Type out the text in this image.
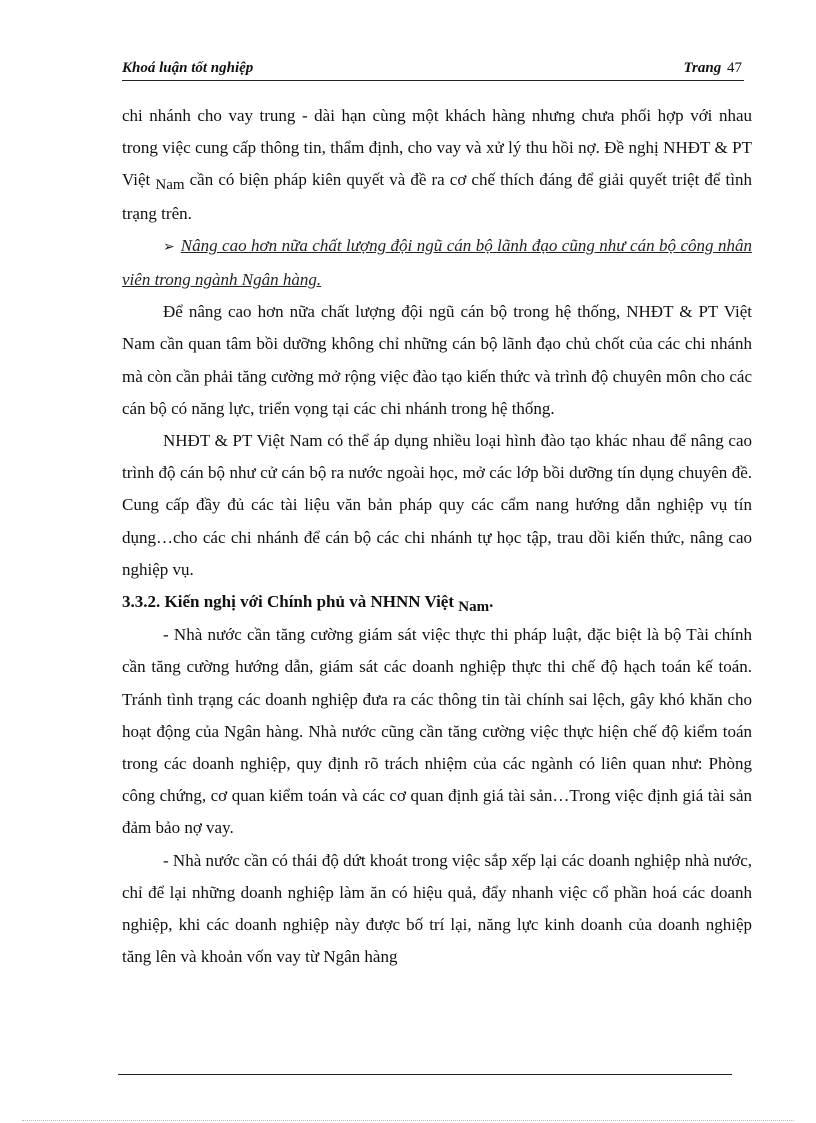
Khoá luận tốt nghiệp	Trang 47

chi nhánh cho vay trung - dài hạn cùng một khách hàng nhưng chưa phối hợp với nhau trong việc cung cấp thông tin, thẩm định, cho vay và xử lý thu hồi nợ. Đề nghị NHĐT & PT Việt Nam cần có biện pháp kiên quyết và đề ra cơ chế thích đáng để giải quyết triệt để tình trạng trên.

➢ Nâng cao hơn nữa chất lượng đội ngũ cán bộ lãnh đạo cũng như cán bộ công nhân viên trong ngành Ngân hàng.

Để nâng cao hơn nữa chất lượng đội ngũ cán bộ trong hệ thống, NHĐT & PT Việt Nam cần quan tâm bồi dưỡng không chỉ những cán bộ lãnh đạo chủ chốt của các chi nhánh mà còn cần phải tăng cường mở rộng việc đào tạo kiến thức và trình độ chuyên môn cho các cán bộ có năng lực, triển vọng tại các chi nhánh trong hệ thống.

NHĐT & PT Việt Nam có thể áp dụng nhiều loại hình đào tạo khác nhau để nâng cao trình độ cán bộ như cử cán bộ ra nước ngoài học, mở các lớp bồi dưỡng tín dụng chuyên đề. Cung cấp đầy đủ các tài liệu văn bản pháp quy các cẩm nang hướng dẫn nghiệp vụ tín dụng…cho các chi nhánh để cán bộ các chi nhánh tự học tập, trau dồi kiến thức, nâng cao nghiệp vụ.

3.3.2. Kiến nghị với Chính phủ và NHNN Việt Nam.

- Nhà nước cần tăng cường giám sát việc thực thi pháp luật, đặc biệt là bộ Tài chính cần tăng cường hướng dẫn, giám sát các doanh nghiệp thực thi chế độ hạch toán kế toán. Tránh tình trạng các doanh nghiệp đưa ra các thông tin tài chính sai lệch, gây khó khăn cho hoạt động của Ngân hàng. Nhà nước cũng cần tăng cường việc thực hiện chế độ kiểm toán trong các doanh nghiệp, quy định rõ trách nhiệm của các ngành có liên quan như: Phòng công chứng, cơ quan kiểm toán và các cơ quan định giá tài sản…Trong việc định giá tài sản đảm bảo nợ vay.

- Nhà nước cần có thái độ dứt khoát trong việc sắp xếp lại các doanh nghiệp nhà nước, chỉ để lại những doanh nghiệp làm ăn có hiệu quả, đẩy nhanh việc cổ phần hoá các doanh nghiệp, khi các doanh nghiệp này được bố trí lại, năng lực kinh doanh của doanh nghiệp tăng lên và khoản vốn vay từ Ngân hàng
